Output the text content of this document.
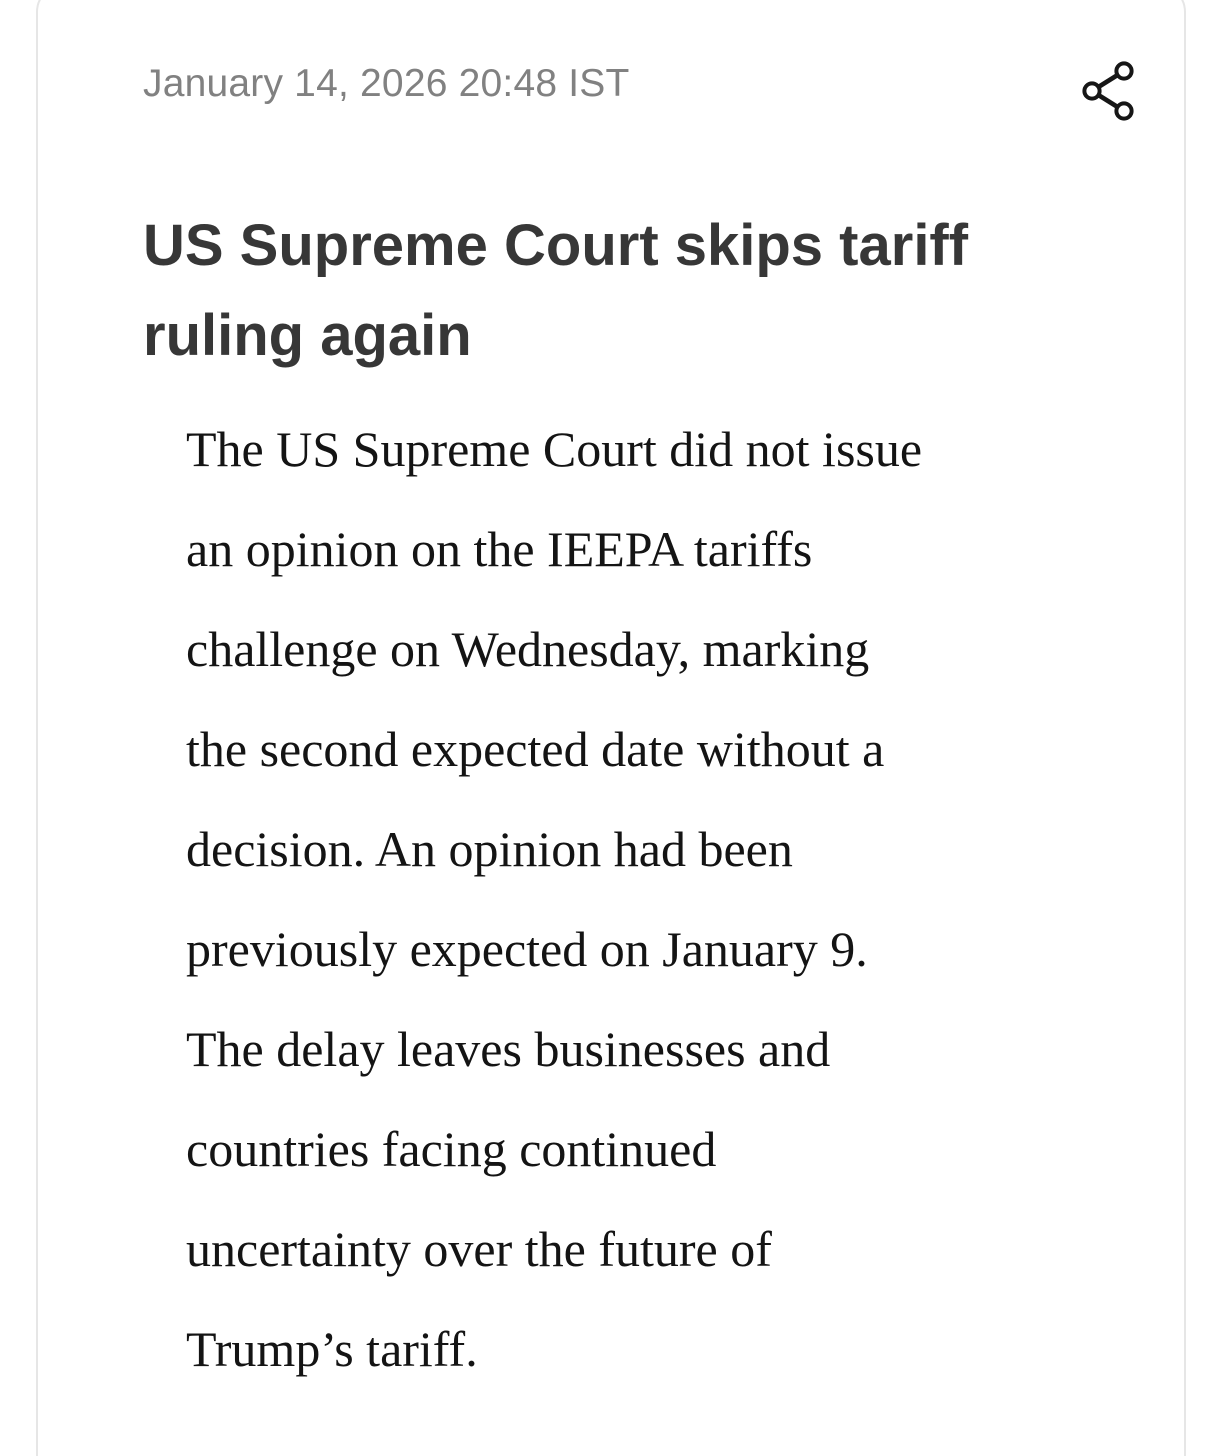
January 14, 2026 20:48 IST
US Supreme Court skips tariff
ruling again
The US Supreme Court did not issue
an opinion on the IEEPA tariffs
challenge on Wednesday, marking
the second expected date without a
decision. An opinion had been
previously expected on January 9.
The delay leaves businesses and
countries facing continued
uncertainty over the future of
Trump’s tariff.
